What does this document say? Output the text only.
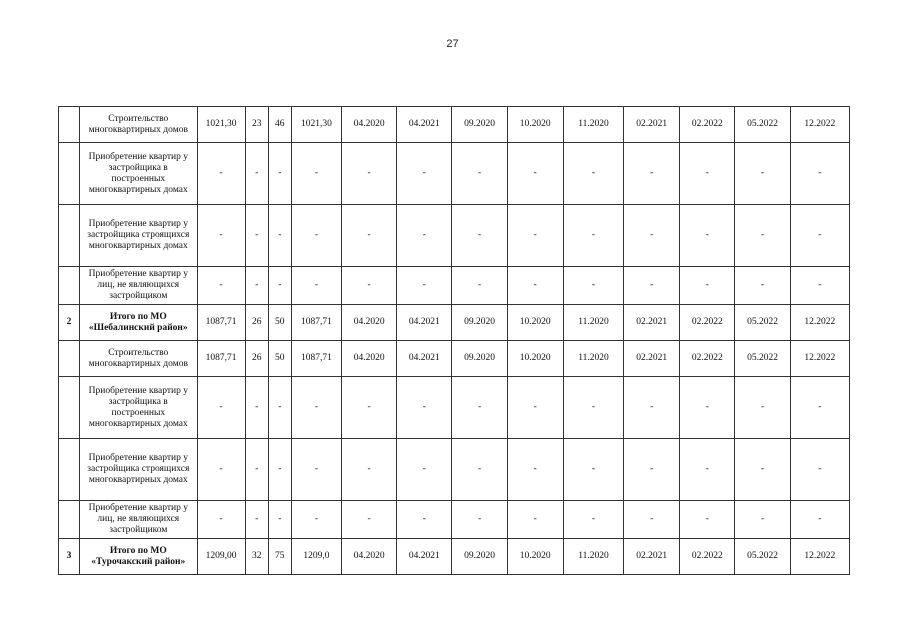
27
	Строительство многоквартирных домов	1021,30	23	46	1021,30	04.2020	04.2021	09.2020	10.2020	11.2020	02.2021	02.2022	05.2022	12.2022
	Приобретение квартир у застройщика в построенных многоквартирных домах	-	-	-	-	-	-	-	-	-	-	-	-	-
	Приобретение квартир у застройщика строящихся многоквартирных домах	-	-	-	-	-	-	-	-	-	-	-	-	-
	Приобретение квартир у лиц, не являющихся застройщиком	-	-	-	-	-	-	-	-	-	-	-	-	-
2	Итого по МО «Шебалинский район»	1087,71	26	50	1087,71	04.2020	04.2021	09.2020	10.2020	11.2020	02.2021	02.2022	05.2022	12.2022
	Строительство многоквартирных домов	1087,71	26	50	1087,71	04.2020	04.2021	09.2020	10.2020	11.2020	02.2021	02.2022	05.2022	12.2022
	Приобретение квартир у застройщика в построенных многоквартирных домах	-	-	-	-	-	-	-	-	-	-	-	-	-
	Приобретение квартир у застройщика строящихся многоквартирных домах	-	-	-	-	-	-	-	-	-	-	-	-	-
	Приобретение квартир у лиц, не являющихся застройщиком	-	-	-	-	-	-	-	-	-	-	-	-	-
3	Итого по МО «Турочакский район»	1209,00	32	75	1209,0	04.2020	04.2021	09.2020	10.2020	11.2020	02.2021	02.2022	05.2022	12.2022
